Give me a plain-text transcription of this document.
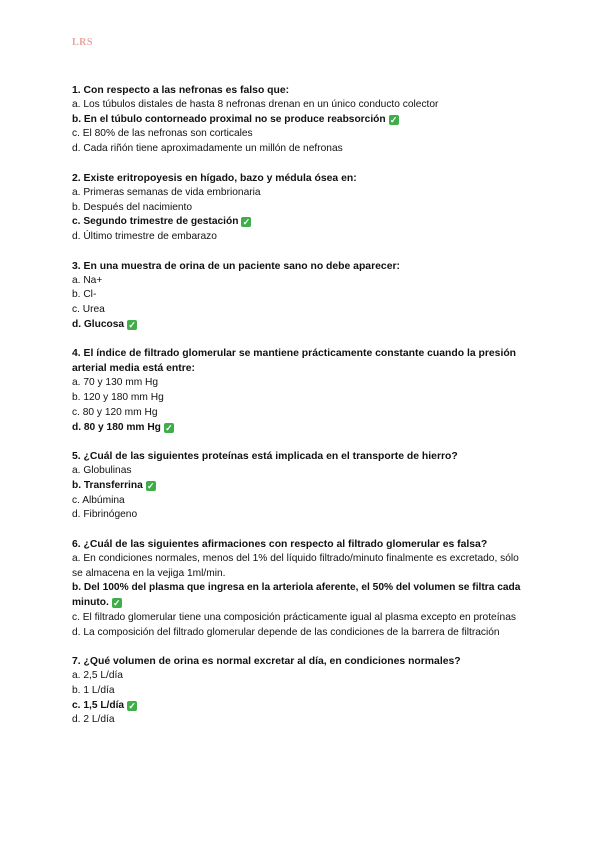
LRS
1. Con respecto a las nefronas es falso que:
a. Los túbulos distales de hasta 8 nefronas drenan en un único conducto colector
b. En el túbulo contorneado proximal no se produce reabsorción ✓
c. El 80% de las nefronas son corticales
d. Cada riñón tiene aproximadamente un millón de nefronas
2. Existe eritropoyesis en hígado, bazo y médula ósea en:
a. Primeras semanas de vida embrionaria
b. Después del nacimiento
c. Segundo trimestre de gestación ✓
d. Último trimestre de embarazo
3. En una muestra de orina de un paciente sano no debe aparecer:
a. Na+
b. Cl-
c. Urea
d. Glucosa ✓
4. El índice de filtrado glomerular se mantiene prácticamente constante cuando la presión arterial media está entre:
a. 70 y 130 mm Hg
b. 120 y 180 mm Hg
c. 80 y 120 mm Hg
d. 80 y 180 mm Hg ✓
5. ¿Cuál de las siguientes proteínas está implicada en el transporte de hierro?
a. Globulinas
b. Transferrina ✓
c. Albúmina
d. Fibrinógeno
6. ¿Cuál de las siguientes afirmaciones con respecto al filtrado glomerular es falsa?
a. En condiciones normales, menos del 1% del líquido filtrado/minuto finalmente es excretado, sólo se almacena en la vejiga 1ml/min.
b. Del 100% del plasma que ingresa en la arteriola aferente, el 50% del volumen se filtra cada minuto. ✓
c. El filtrado glomerular tiene una composición prácticamente igual al plasma excepto en proteínas
d. La composición del filtrado glomerular depende de las condiciones de la barrera de filtración
7. ¿Qué volumen de orina es normal excretar al día, en condiciones normales?
a. 2,5 L/día
b. 1 L/día
c. 1,5 L/día ✓
d. 2 L/día
